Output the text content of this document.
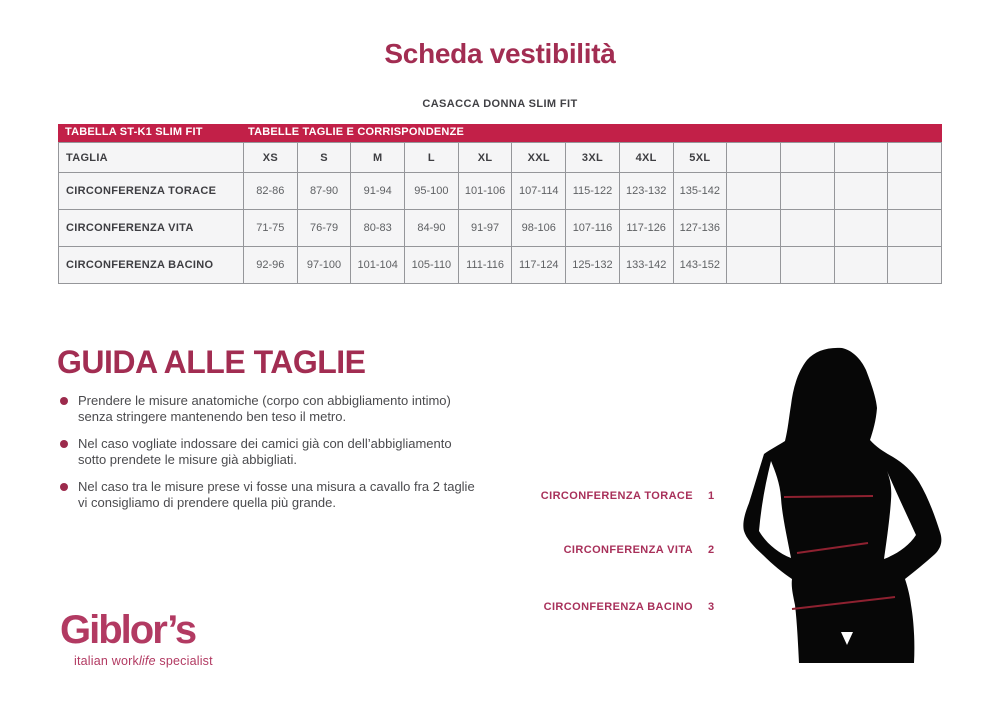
Scheda vestibilità
CASACCA DONNA SLIM FIT
TABELLA ST-K1 SLIM FIT	TABELLE TAGLIE E CORRISPONDENZE
TAGLIA	XS	S	M	L	XL	XXL	3XL	4XL	5XL				
CIRCONFERENZA TORACE	82-86	87-90	91-94	95-100	101-106	107-114	115-122	123-132	135-142				
CIRCONFERENZA VITA	71-75	76-79	80-83	84-90	91-97	98-106	107-116	117-126	127-136				
CIRCONFERENZA BACINO	92-96	97-100	101-104	105-110	111-116	117-124	125-132	133-142	143-152				
GUIDA ALLE TAGLIE
Prendere le misure anatomiche (corpo con abbigliamento intimo)
senza stringere mantenendo ben teso il metro.
Nel caso vogliate indossare dei camici già con dell’abbigliamento
sotto prendete le misure già abbigliati.
Nel caso tra le misure prese vi fosse una misura a cavallo fra 2 taglie
vi consigliamo di prendere quella più grande.	CIRCONFERENZA TORACE 1
CIRCONFERENZA VITA 2
CIRCONFERENZA BACINO 3
Giblor’s
italian worklife specialist
